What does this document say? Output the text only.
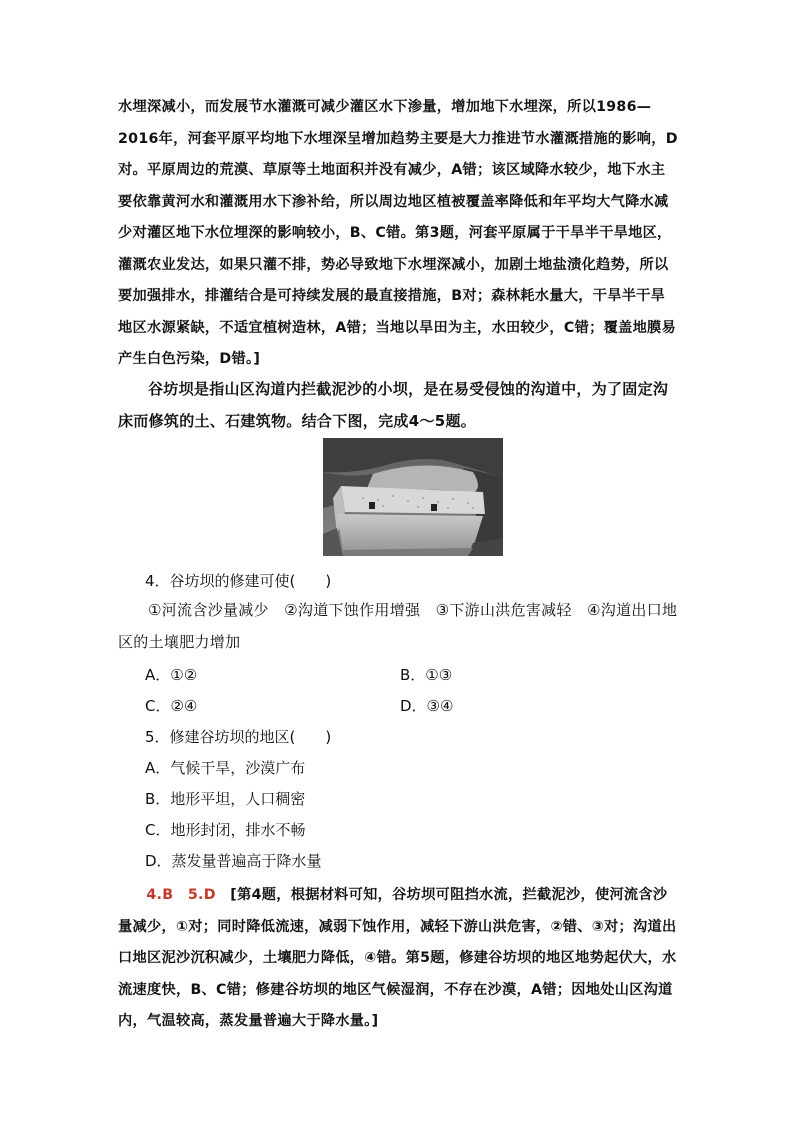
水埋深减小，而发展节水灌溉可减少灌区水下渗量，增加地下水埋深，所以1986—2016年，河套平原平均地下水埋深呈增加趋势主要是大力推进节水灌溉措施的影响，D对。平原周边的荒漠、草原等土地面积并没有减少，A错；该区域降水较少，地下水主要依靠黄河水和灌溉用水下渗补给，所以周边地区植被覆盖率降低和年平均大气降水减少对灌区地下水位埋深的影响较小，B、C错。第3题，河套平原属于干旱半干旱地区，灌溉农业发达，如果只灌不排，势必导致地下水埋深减小，加剧土地盐渍化趋势，所以要加强排水，排灌结合是可持续发展的最直接措施，B对；森林耗水量大，干旱半干旱地区水源紧缺，不适宜植树造林，A错；当地以旱田为主，水田较少，C错；覆盖地膜易产生白色污染，D错。]
谷坊坝是指山区沟道内拦截泥沙的小坝，是在易受侵蚀的沟道中，为了固定沟床而修筑的土、石建筑物。结合下图，完成4～5题。
4．谷坊坝的修建可使(　　)
①河流含沙量减少　②沟道下蚀作用增强　③下游山洪危害减轻　④沟道出口地区的土壤肥力增加
A．①②	B．①③
C．②④	D．③④
5．修建谷坊坝的地区(　　)
A．气候干旱，沙漠广布
B．地形平坦，人口稠密
C．地形封闭，排水不畅
D．蒸发量普遍高于降水量
4.B　5.D　 [第4题，根据材料可知，谷坊坝可阻挡水流，拦截泥沙，使河流含沙量减少，①对；同时降低流速，减弱下蚀作用，减轻下游山洪危害，②错、③对；沟道出口地区泥沙沉积减少，土壤肥力降低，④错。第5题，修建谷坊坝的地区地势起伏大，水流速度快，B、C错；修建谷坊坝的地区气候湿润，不存在沙漠，A错；因地处山区沟道内，气温较高，蒸发量普遍大于降水量。]
